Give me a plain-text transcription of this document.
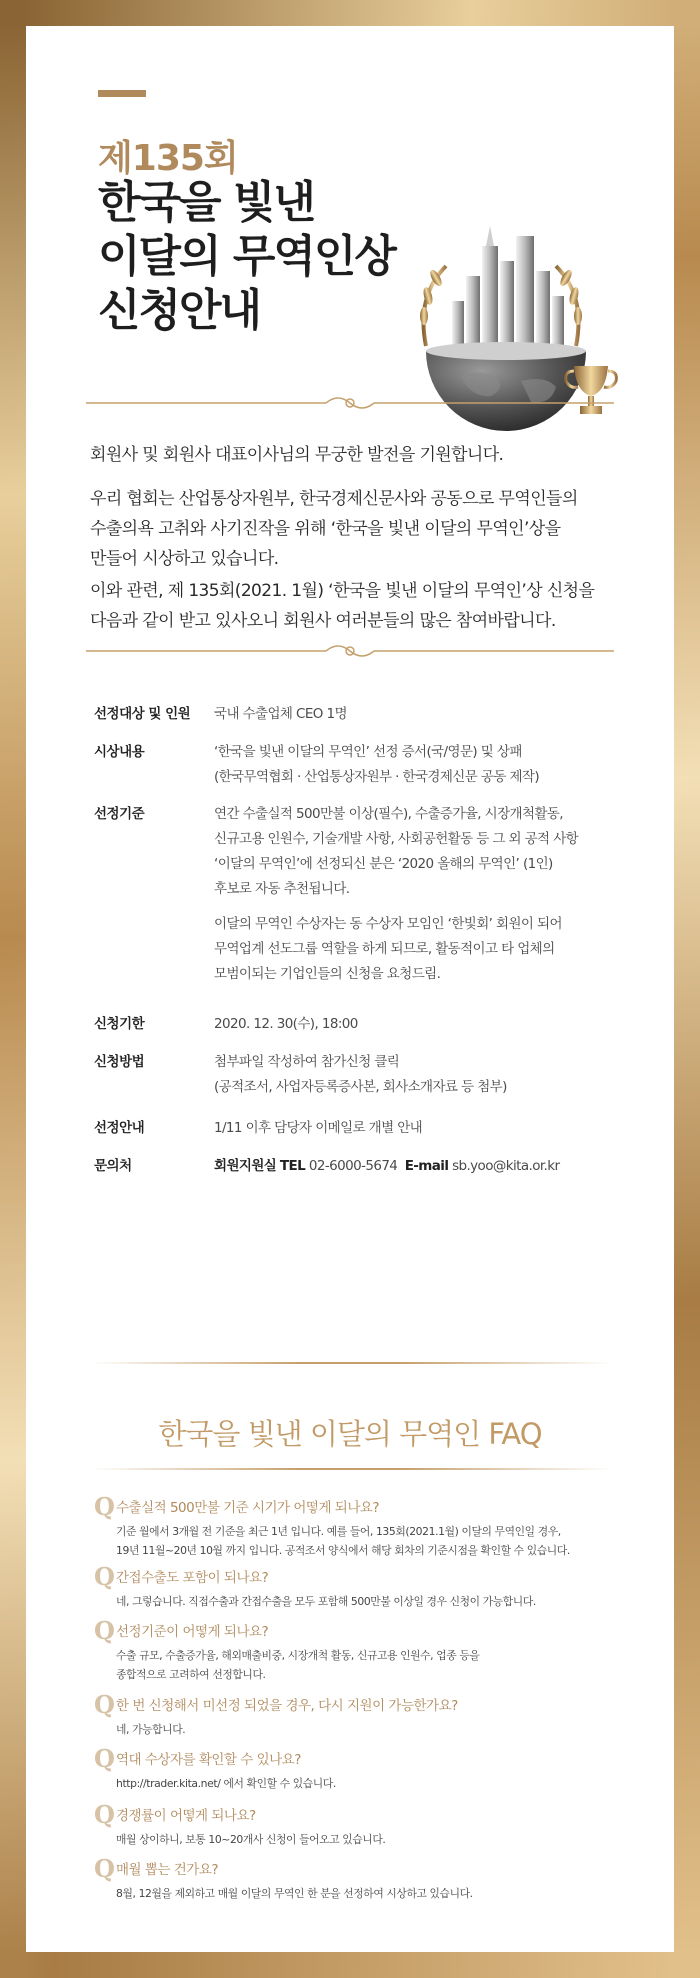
제135회
한국을 빛낸
이달의 무역인상
신청안내
회원사 및 회원사 대표이사님의 무궁한 발전을 기원합니다.
우리 협회는 산업통상자원부, 한국경제신문사와 공동으로 무역인들의
수출의욕 고취와 사기진작을 위해 ‘한국을 빛낸 이달의 무역인’상을
만들어 시상하고 있습니다.
이와 관련, 제 135회(2021. 1월) ‘한국을 빛낸 이달의 무역인’상 신청을
다음과 같이 받고 있사오니 회원사 여러분들의 많은 참여바랍니다.
선정대상 및 인원	국내 수출업체 CEO 1명
시상내용	‘한국을 빛낸 이달의 무역인’ 선정 증서(국/영문) 및 상패
(한국무역협회 · 산업통상자원부 · 한국경제신문 공동 제작)
선정기준	연간 수출실적 500만불 이상(필수), 수출증가율, 시장개척활동,
신규고용 인원수, 기술개발 사항, 사회공헌활동 등 그 외 공적 사항
‘이달의 무역인’에 선정되신 분은 ‘2020 올해의 무역인’ (1인)
후보로 자동 추천됩니다.
이달의 무역인 수상자는 동 수상자 모임인 ‘한빛회’ 회원이 되어
무역업계 선도그룹 역할을 하게 되므로, 활동적이고 타 업체의
모범이되는 기업인들의 신청을 요청드림.
신청기한	2020. 12. 30(수), 18:00
신청방법	첨부파일 작성하여 참가신청 클릭
(공적조서, 사업자등록증사본, 회사소개자료 등 첨부)
선정안내	1/11 이후 담당자 이메일로 개별 안내
문의처	회원지원실 TEL 02-6000-5674 E-mail sb.yoo@kita.or.kr
한국을 빛낸 이달의 무역인 FAQ
Q 수출실적 500만불 기준 시기가 어떻게 되나요?
기준 월에서 3개월 전 기준을 최근 1년 입니다. 예를 들어, 135회(2021.1월) 이달의 무역인일 경우,
19년 11월~20년 10월 까지 입니다. 공적조서 양식에서 해당 회차의 기준시점을 확인할 수 있습니다.
Q 간접수출도 포함이 되나요?
네, 그렇습니다. 직접수출과 간접수출을 모두 포함해 500만불 이상일 경우 신청이 가능합니다.
Q 선정기준이 어떻게 되나요?
수출 규모, 수출증가율, 해외매출비중, 시장개척 활동, 신규고용 인원수, 업종 등을
종합적으로 고려하여 선정합니다.
Q 한 번 신청해서 미선정 되었을 경우, 다시 지원이 가능한가요?
네, 가능합니다.
Q 역대 수상자를 확인할 수 있나요?
http://trader.kita.net/ 에서 확인할 수 있습니다.
Q 경쟁률이 어떻게 되나요?
매월 상이하니, 보통 10~20개사 신청이 들어오고 있습니다.
Q 매월 뽑는 건가요?
8월, 12월을 제외하고 매월 이달의 무역인 한 분을 선정하여 시상하고 있습니다.
